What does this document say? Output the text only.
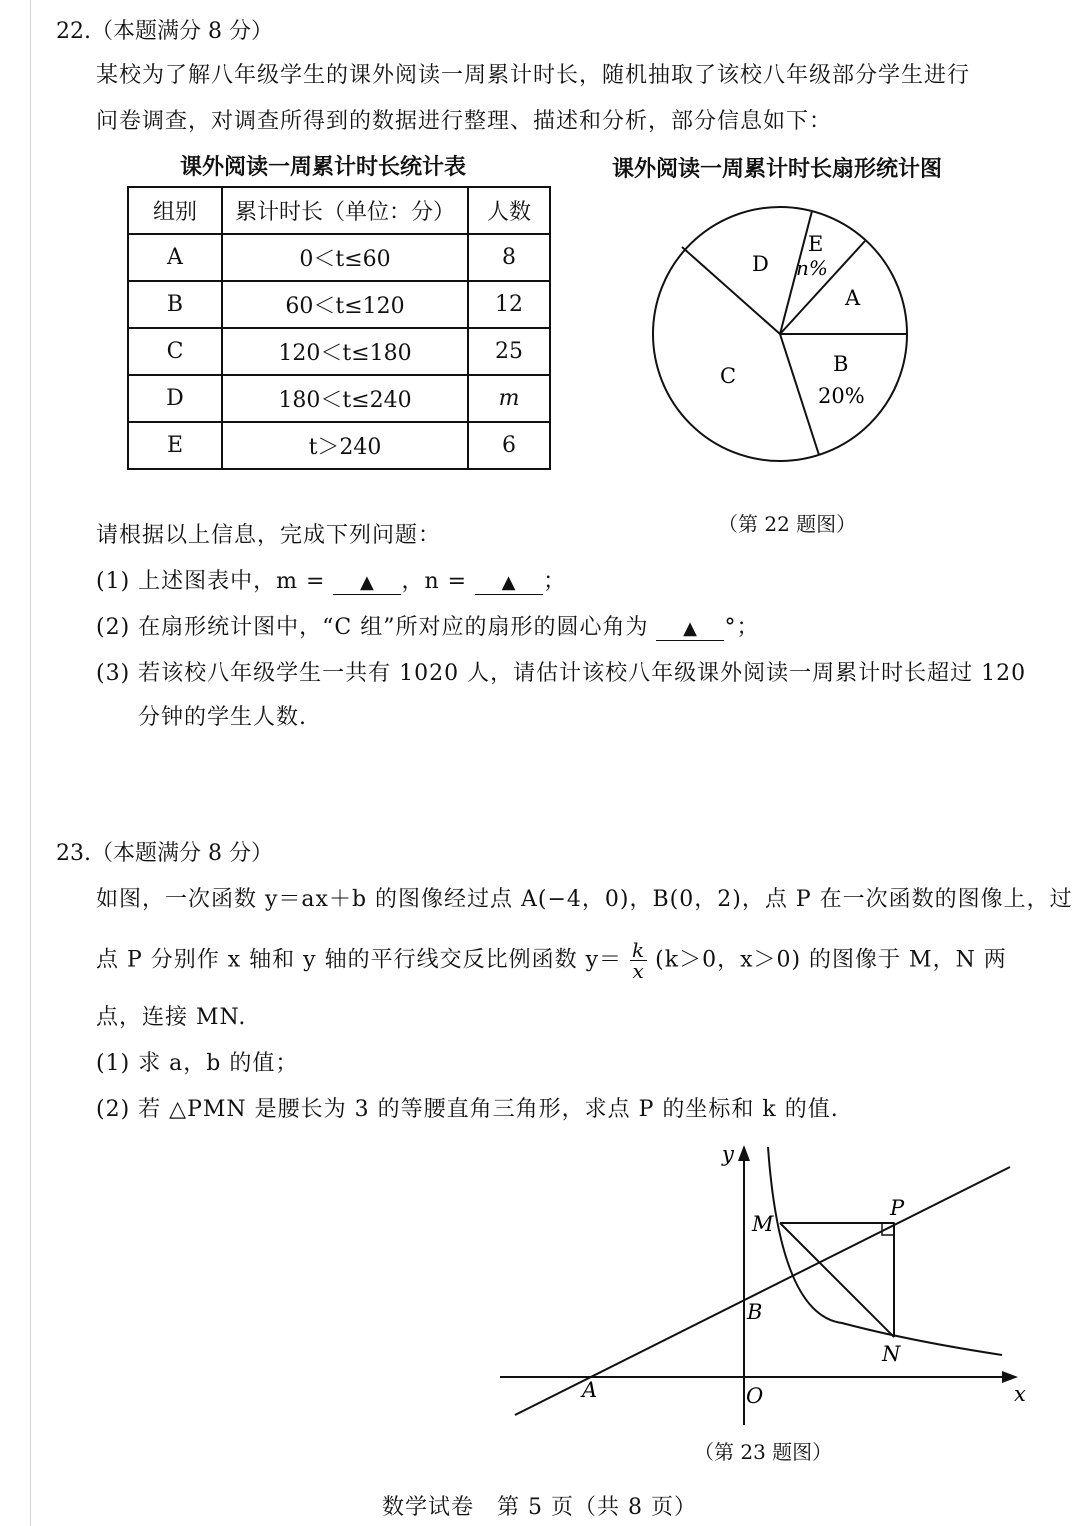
22.（本题满分 8 分）
某校为了解八年级学生的课外阅读一周累计时长，随机抽取了该校八年级部分学生进行
问卷调查，对调查所得到的数据进行整理、描述和分析，部分信息如下：
课外阅读一周累计时长统计表	课外阅读一周累计时长扇形统计图
组别	累计时长（单位：分）	人数
A	0＜t≤60	8
B	60＜t≤120	12
C	120＜t≤180	25
D	180＜t≤240	m
E	t＞240	6
D
E
n%
A
B
20%
C
（第 22 题图）
请根据以上信息，完成下列问题：
(1) 上述图表中，m = ▲ ，n = ▲ ；
(2) 在扇形统计图中，“C 组”所对应的扇形的圆心角为 ▲ °；
(3) 若该校八年级学生一共有 1020 人，请估计该校八年级课外阅读一周累计时长超过 120
分钟的学生人数.
23.（本题满分 8 分）
如图，一次函数 y＝ax＋b 的图像经过点 A(−4，0)，B(0，2)，点 P 在一次函数的图像上，过
点 P 分别作 x 轴和 y 轴的平行线交反比例函数 $y= \frac{k}{x} (k>0$，x＞0) 的图像于 M，N 两
点，连接 MN.
(1) 求 a，b 的值；
(2) 若 △PMN 是腰长为 3 的等腰直角三角形，求点 P 的坐标和 k 的值.
y
x
O
A
B
M
N
P
（第 23 题图）
数学试卷　第 5 页（共 8 页）
